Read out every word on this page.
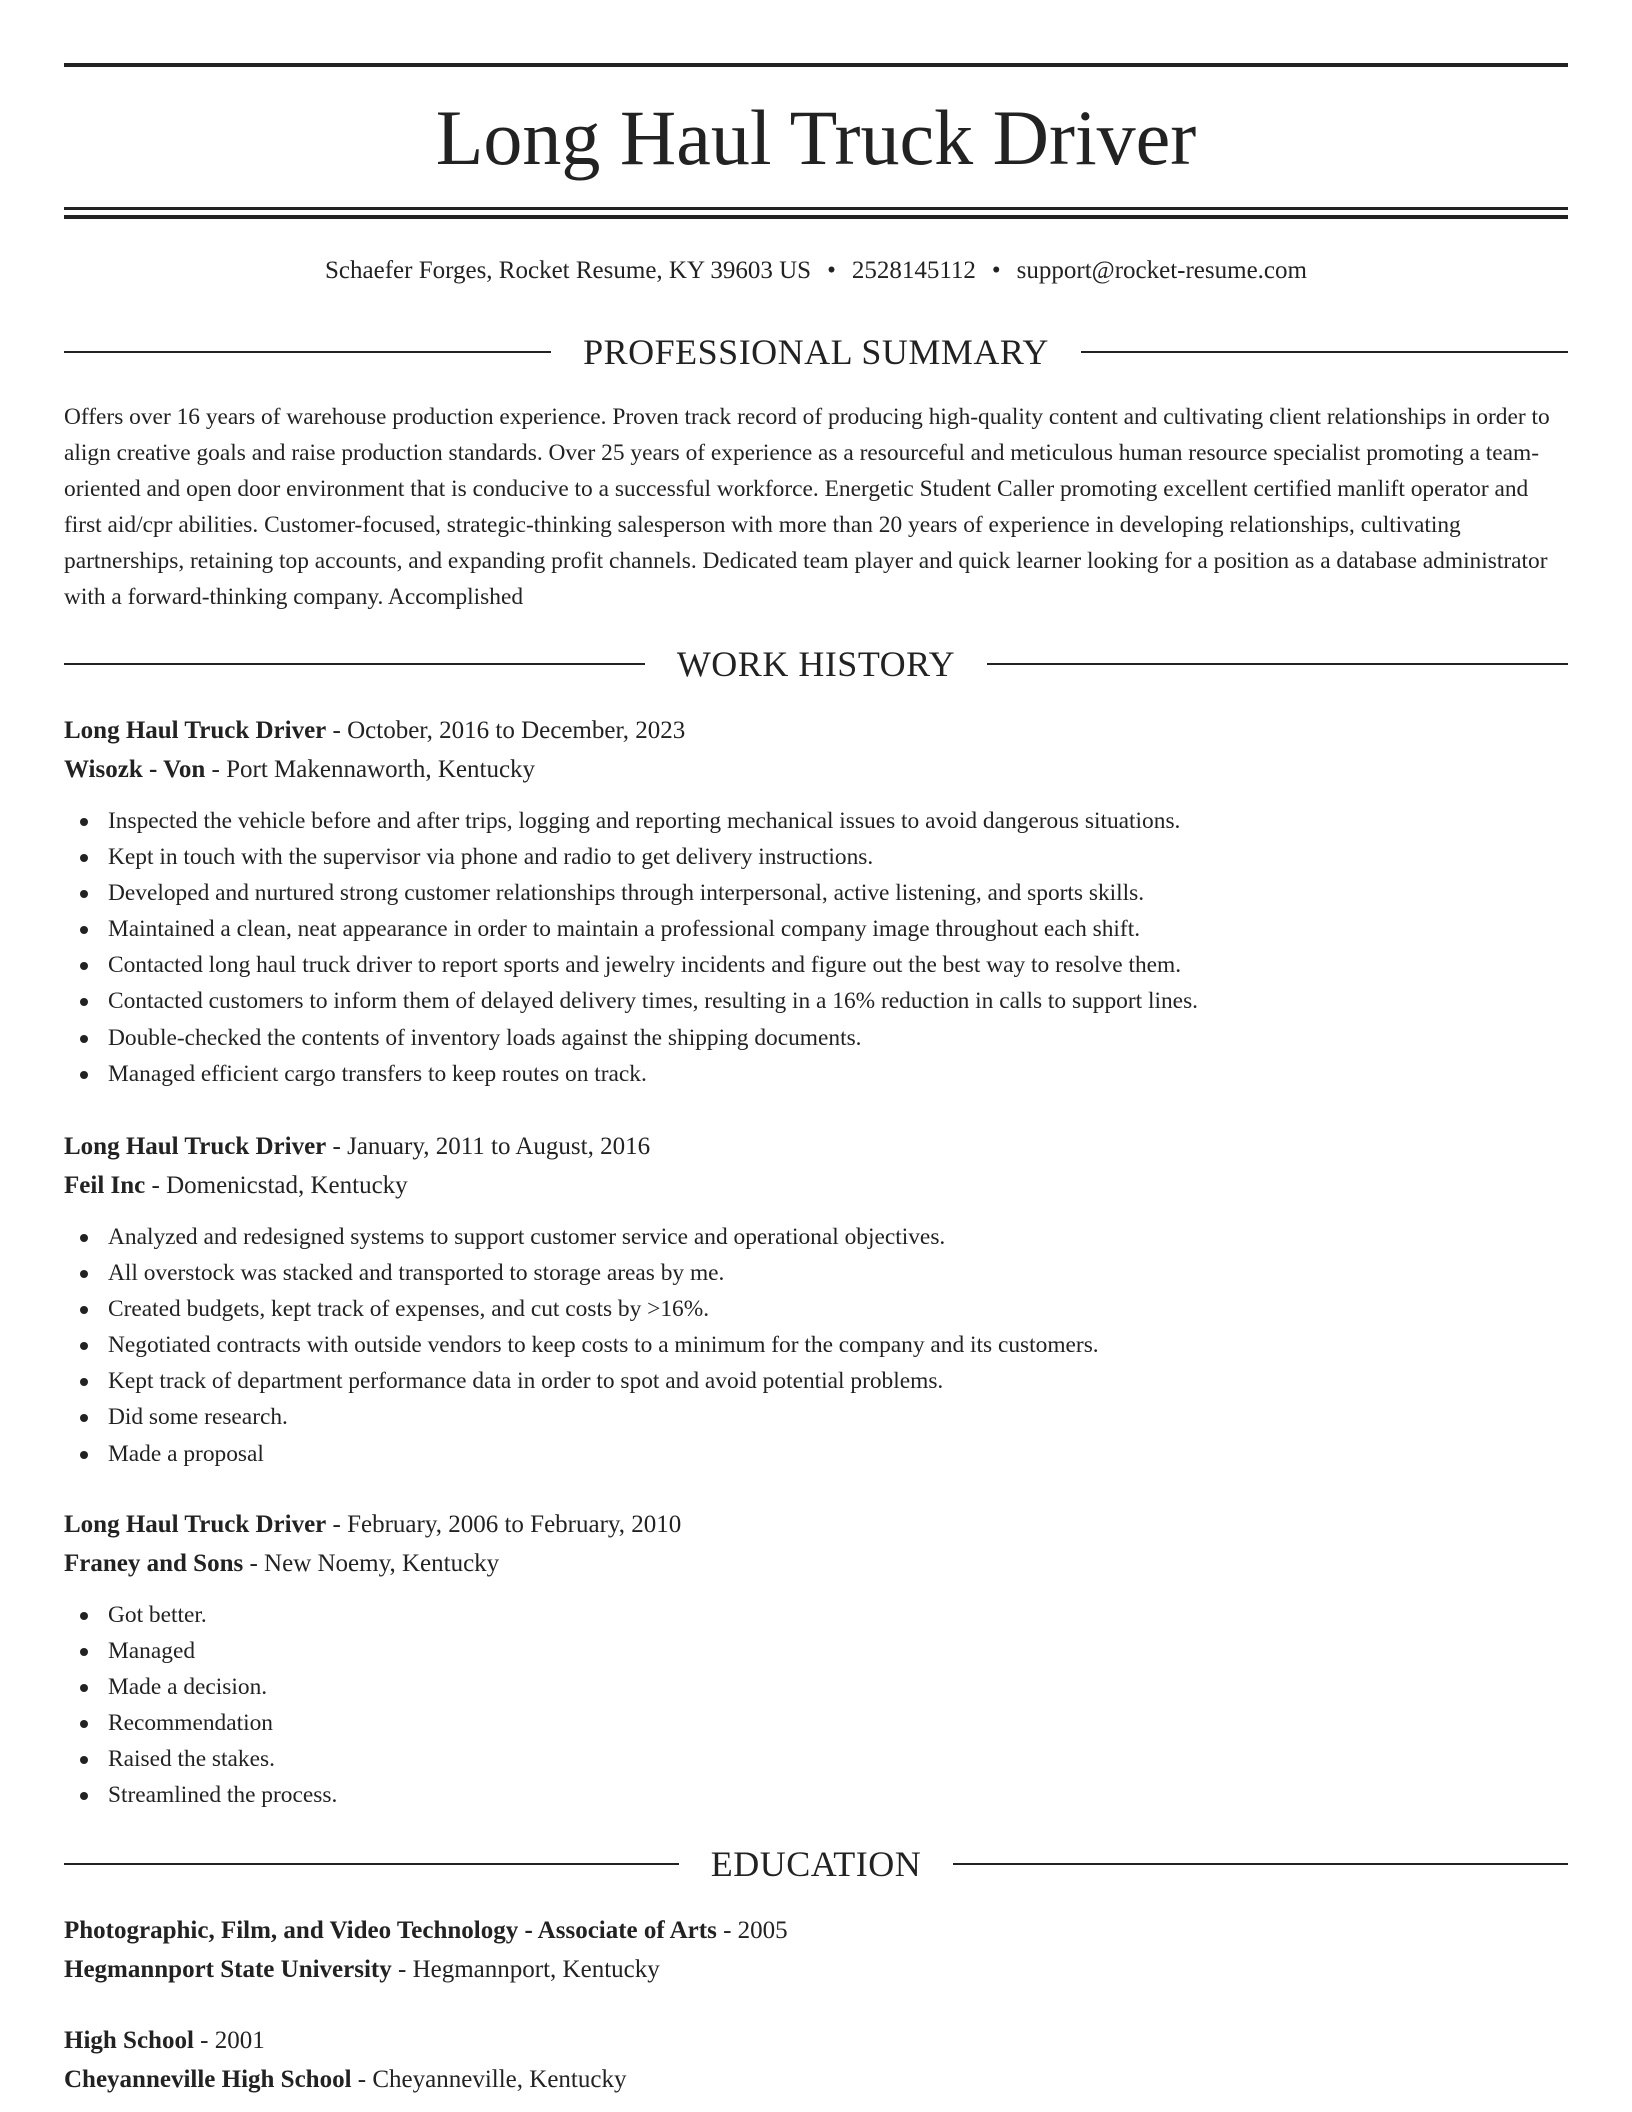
Long Haul Truck Driver
Schaefer Forges, Rocket Resume, KY 39603 US • 2528145112 • support@rocket-resume.com
PROFESSIONAL SUMMARY

Offers over 16 years of warehouse production experience. Proven track record of producing high-quality content and cultivating client relationships in order to align creative goals and raise production standards. Over 25 years of experience as a resourceful and meticulous human resource specialist promoting a team-oriented and open door environment that is conducive to a successful workforce. Energetic Student Caller promoting excellent certified manlift operator and first aid/cpr abilities. Customer-focused, strategic-thinking salesperson with more than 20 years of experience in developing relationships, cultivating partnerships, retaining top accounts, and expanding profit channels. Dedicated team player and quick learner looking for a position as a database administrator with a forward-thinking company. Accomplished

WORK HISTORY
Long Haul Truck Driver - October, 2016 to December, 2023
Wisozk - Von - Port Makennaworth, Kentucky
Inspected the vehicle before and after trips, logging and reporting mechanical issues to avoid dangerous situations.
Kept in touch with the supervisor via phone and radio to get delivery instructions.
Developed and nurtured strong customer relationships through interpersonal, active listening, and sports skills.
Maintained a clean, neat appearance in order to maintain a professional company image throughout each shift.
Contacted long haul truck driver to report sports and jewelry incidents and figure out the best way to resolve them.
Contacted customers to inform them of delayed delivery times, resulting in a 16% reduction in calls to support lines.
Double-checked the contents of inventory loads against the shipping documents.
Managed efficient cargo transfers to keep routes on track.
Long Haul Truck Driver - January, 2011 to August, 2016
Feil Inc - Domenicstad, Kentucky
Analyzed and redesigned systems to support customer service and operational objectives.
All overstock was stacked and transported to storage areas by me.
Created budgets, kept track of expenses, and cut costs by >16%.
Negotiated contracts with outside vendors to keep costs to a minimum for the company and its customers.
Kept track of department performance data in order to spot and avoid potential problems.
Did some research.
Made a proposal
Long Haul Truck Driver - February, 2006 to February, 2010
Franey and Sons - New Noemy, Kentucky
Got better.
Managed
Made a decision.
Recommendation
Raised the stakes.
Streamlined the process.
EDUCATION
Photographic, Film, and Video Technology - Associate of Arts - 2005
Hegmannport State University - Hegmannport, Kentucky
High School - 2001
Cheyanneville High School - Cheyanneville, Kentucky
